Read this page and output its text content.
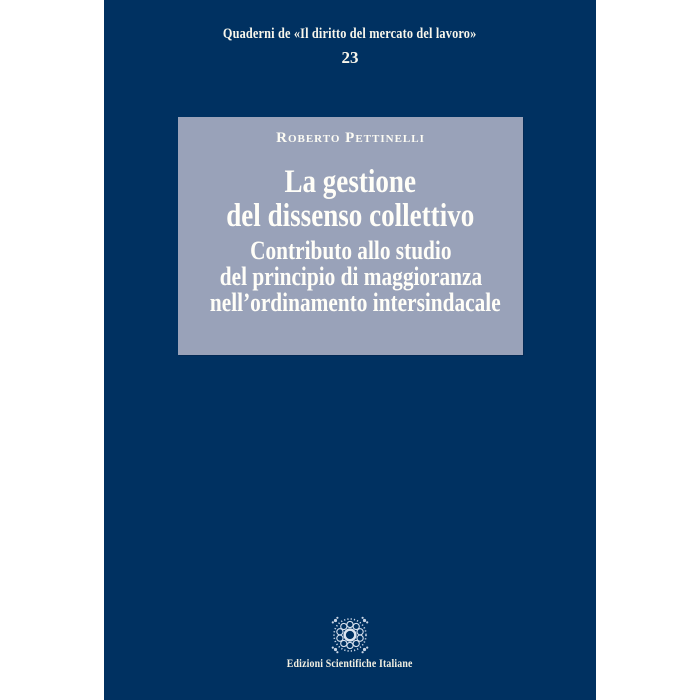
Quaderni de «Il diritto del mercato del lavoro»
23
Roberto Pettinelli
La gestione
del dissenso collettivo
Contributo allo studio
del principio di maggioranza
nell’ordinamento intersindacale
Edizioni Scientifiche Italiane
